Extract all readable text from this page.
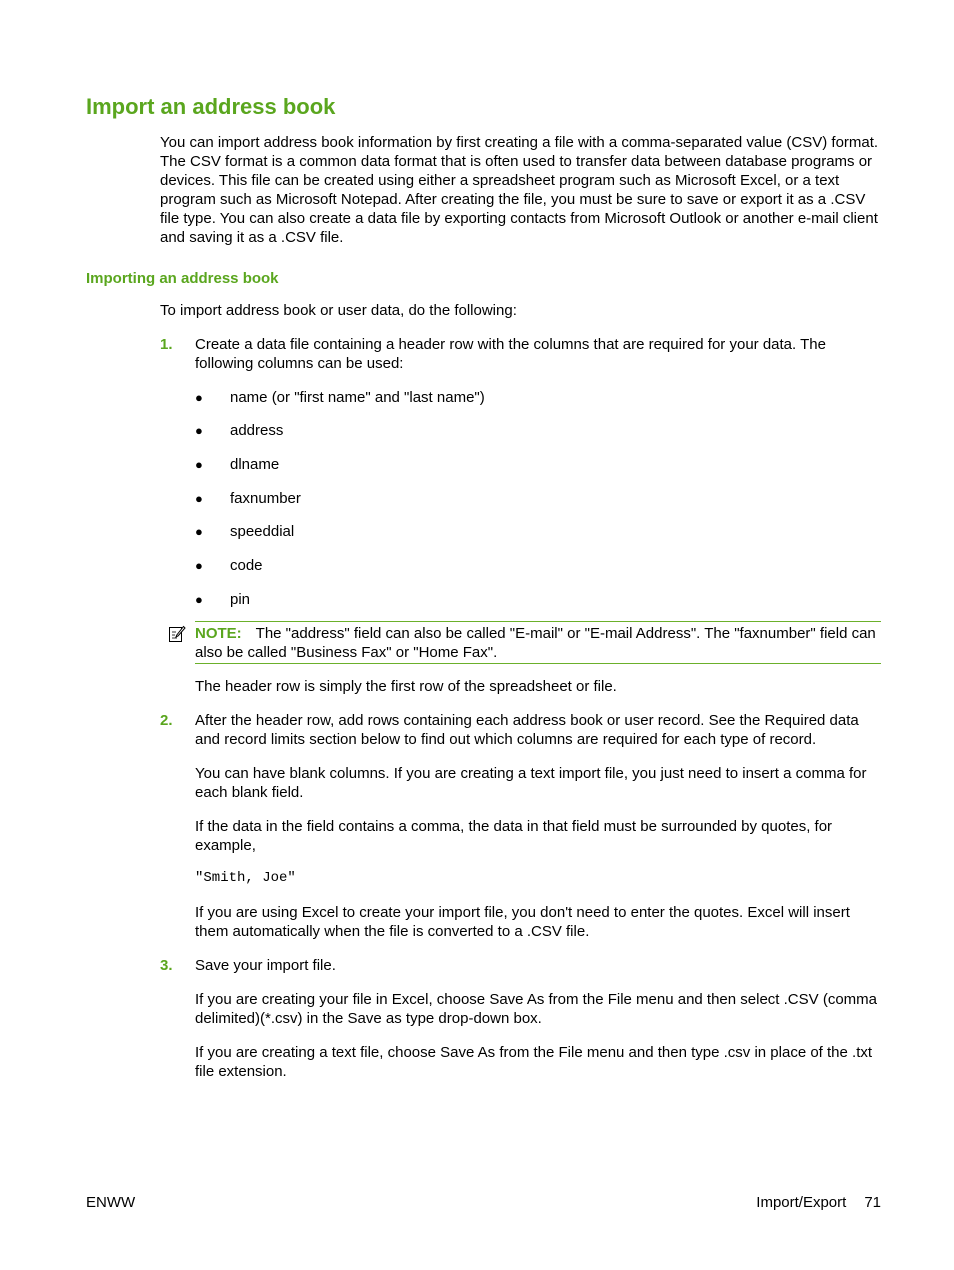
Import an address book

You can import address book information by first creating a file with a comma-separated value (CSV) format. The CSV format is a common data format that is often used to transfer data between database programs or devices. This file can be created using either a spreadsheet program such as Microsoft Excel, or a text program such as Microsoft Notepad. After creating the file, you must be sure to save or export it as a .CSV file type. You can also create a data file by exporting contacts from Microsoft Outlook or another e-mail client and saving it as a .CSV file.

Importing an address book

To import address book or user data, do the following:

1. Create a data file containing a header row with the columns that are required for your data. The following columns can be used:

● name (or "first name" and "last name")
● address
● dlname
● faxnumber
● speeddial
● code
● pin
NOTE: The "address" field can also be called "E-mail" or "E-mail Address". The "faxnumber" field can also be called "Business Fax" or "Home Fax".

The header row is simply the first row of the spreadsheet or file.

2. After the header row, add rows containing each address book or user record. See the Required data and record limits section below to find out which columns are required for each type of record.

You can have blank columns. If you are creating a text import file, you just need to insert a comma for each blank field.

If the data in the field contains a comma, the data in that field must be surrounded by quotes, for example,

"Smith, Joe"

If you are using Excel to create your import file, you don't need to enter the quotes. Excel will insert them automatically when the file is converted to a .CSV file.

3. Save your import file.

If you are creating your file in Excel, choose Save As from the File menu and then select .CSV (comma delimited)(*.csv) in the Save as type drop-down box.

If you are creating a text file, choose Save As from the File menu and then type .csv in place of the .txt file extension.

ENWW	Import/Export 71
